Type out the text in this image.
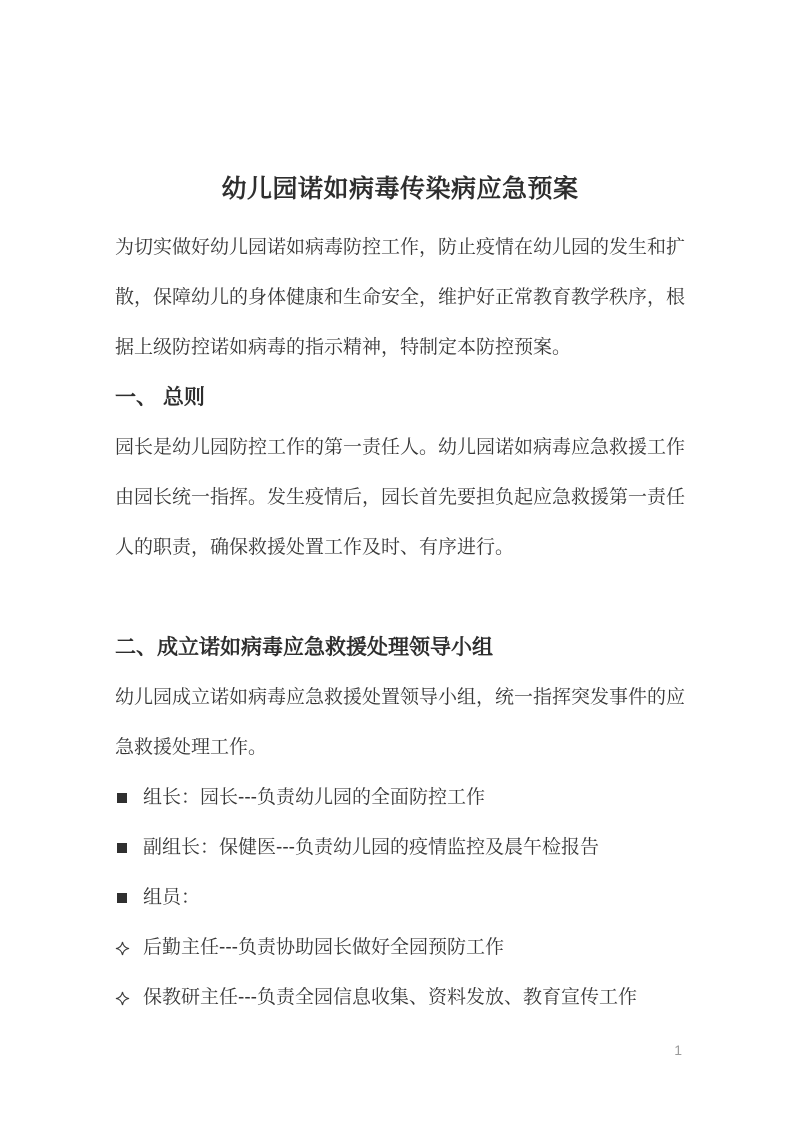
幼儿园诺如病毒传染病应急预案

为切实做好幼儿园诺如病毒防控工作，防止疫情在幼儿园的发生和扩散，保障幼儿的身体健康和生命安全，维护好正常教育教学秩序，根据上级防控诺如病毒的指示精神，特制定本防控预案。

一、 总则

园长是幼儿园防控工作的第一责任人。幼儿园诺如病毒应急救援工作由园长统一指挥。发生疫情后，园长首先要担负起应急救援第一责任人的职责，确保救援处置工作及时、有序进行。

二、成立诺如病毒应急救援处理领导小组

幼儿园成立诺如病毒应急救援处置领导小组，统一指挥突发事件的应急救援处理工作。

组长：园长---负责幼儿园的全面防控工作
副组长：保健医---负责幼儿园的疫情监控及晨午检报告
组员：
后勤主任---负责协助园长做好全园预防工作
保教研主任---负责全园信息收集、资料发放、教育宣传工作
1
